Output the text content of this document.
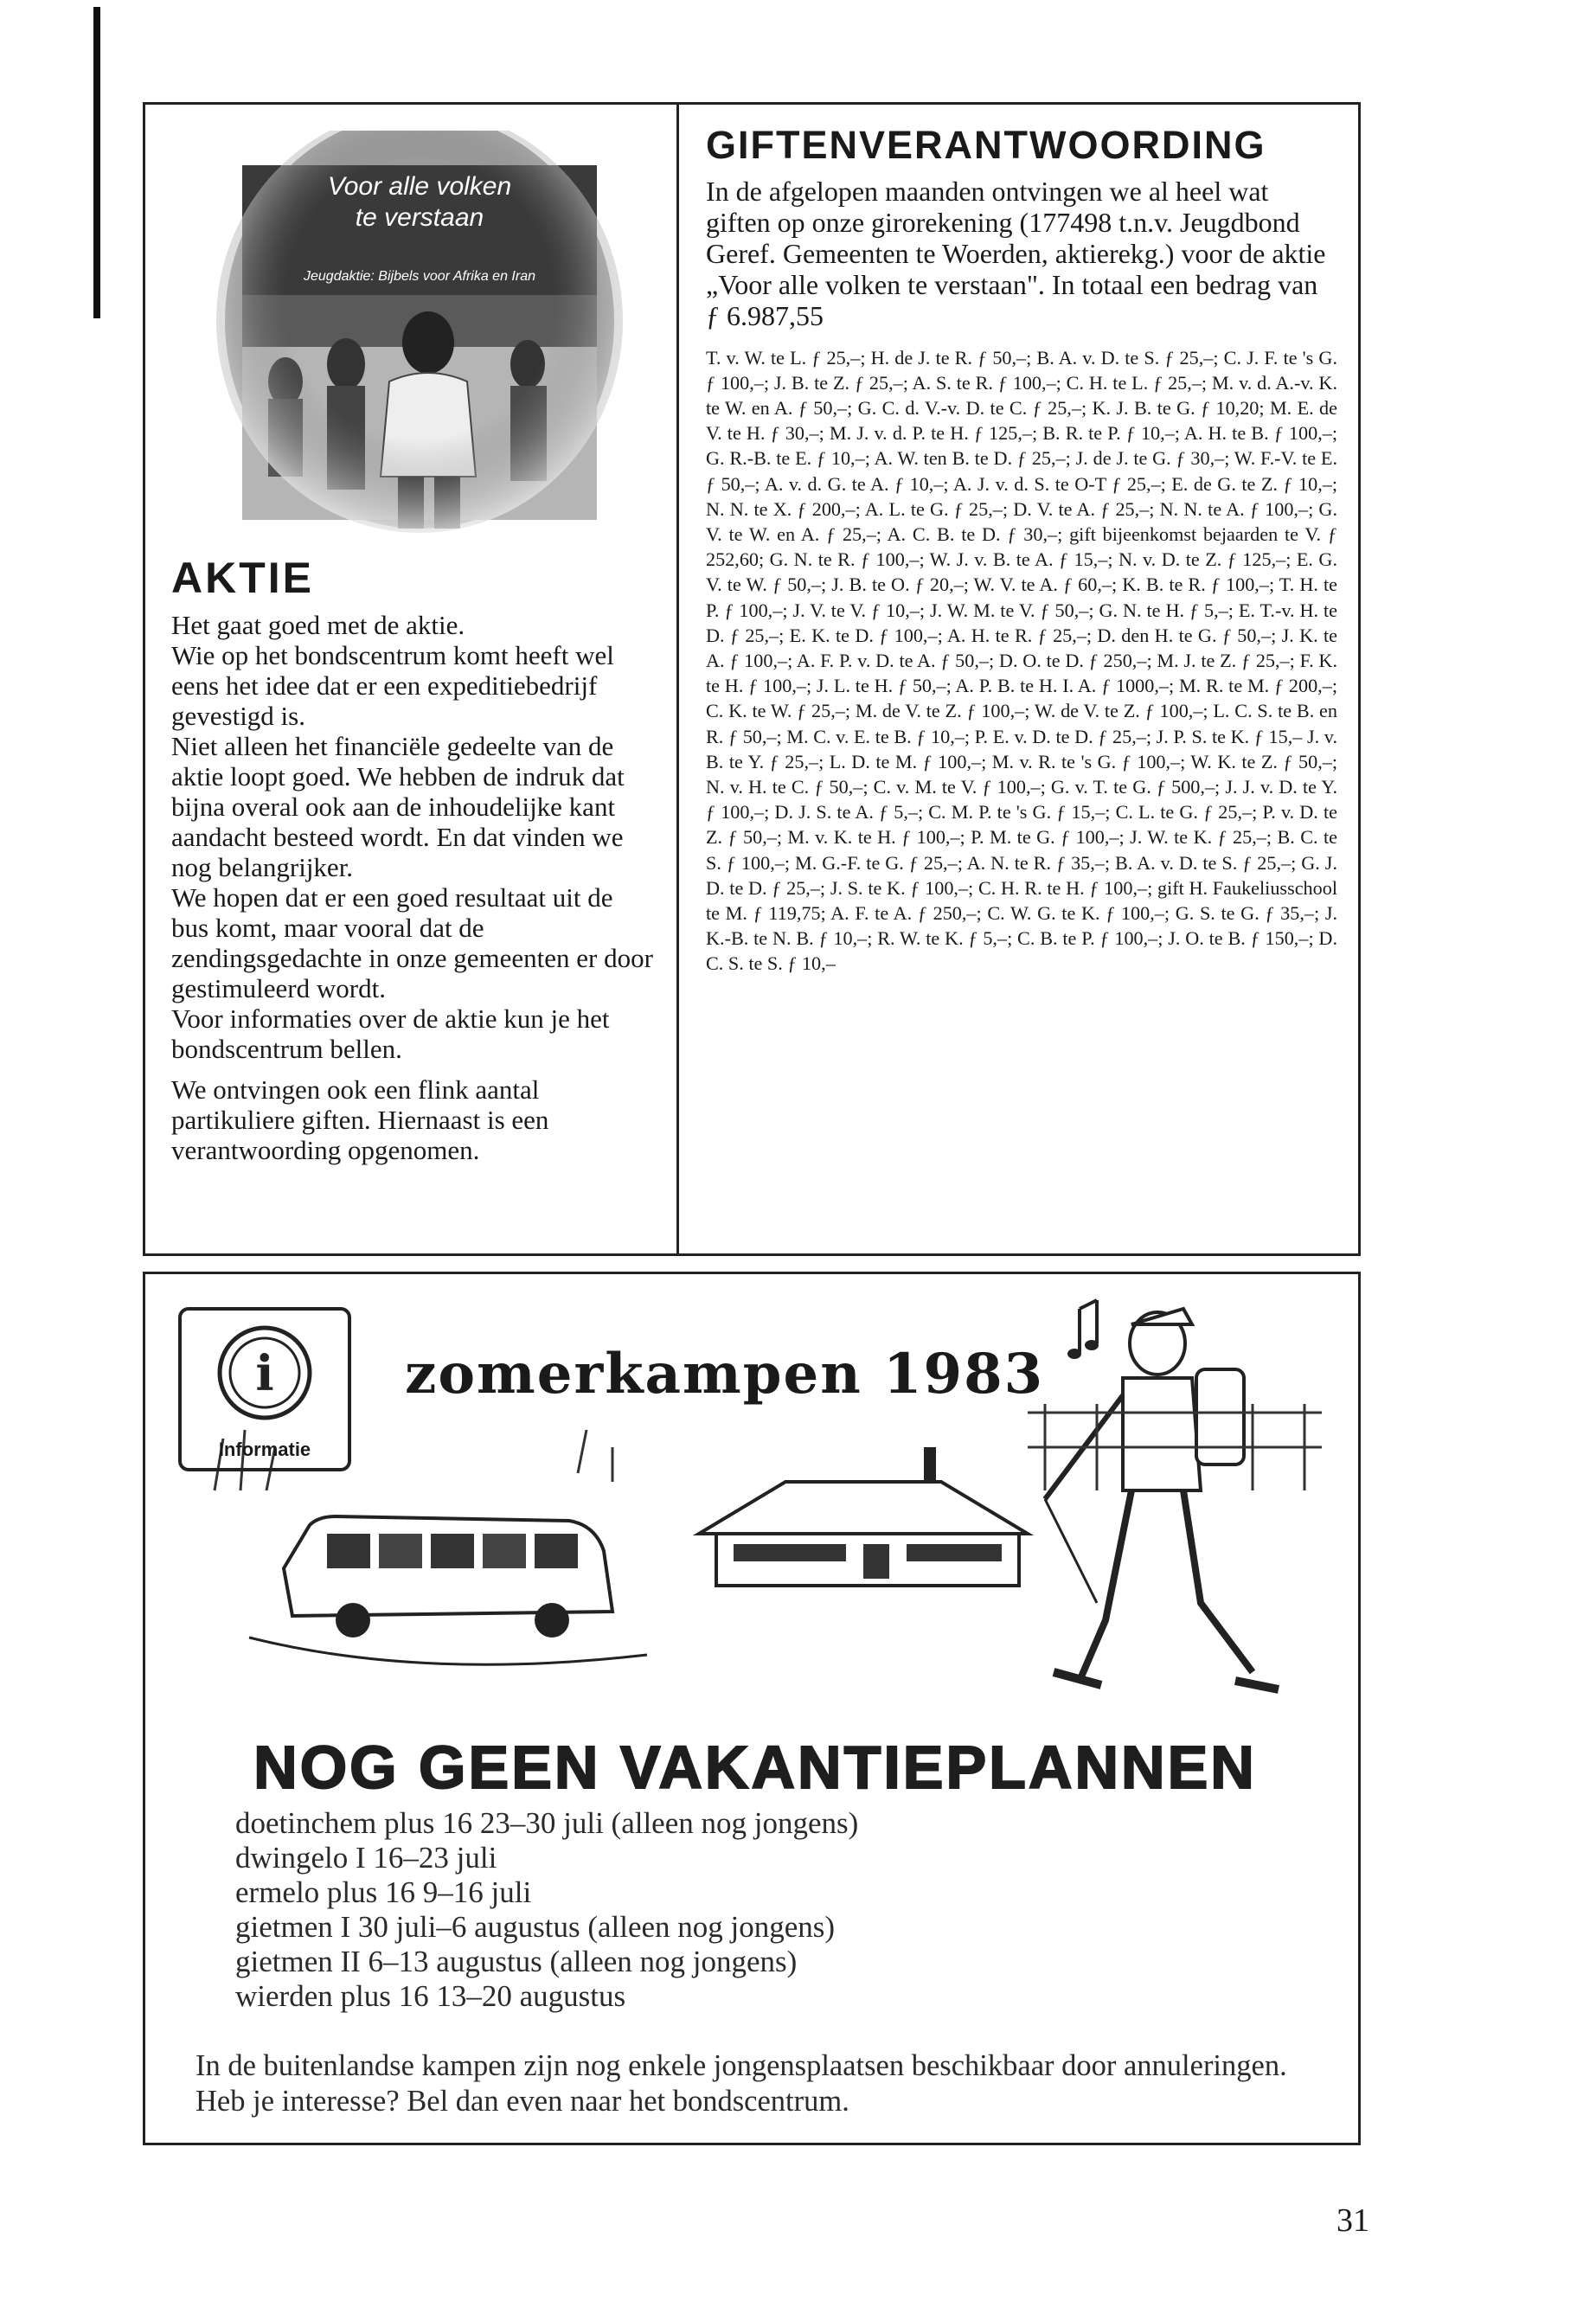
Voor alle volken
te verstaan
Jeugdaktie: Bijbels voor Afrika en Iran
AKTIE

Het gaat goed met de aktie.

Wie op het bondscentrum komt heeft wel eens het idee dat er een expeditiebedrijf gevestigd is.

Niet alleen het financiële gedeelte van de aktie loopt goed. We hebben de indruk dat bijna overal ook aan de inhoudelijke kant aandacht besteed wordt. En dat vinden we nog belangrijker.

We hopen dat er een goed resultaat uit de bus komt, maar vooral dat de zendingsgedachte in onze gemeenten er door gestimuleerd wordt.

Voor informaties over de aktie kun je het bondscentrum bellen.

We ontvingen ook een flink aantal partikuliere giften. Hiernaast is een verantwoording opgenomen.

GIFTENVERANTWOORDING

In de afgelopen maanden ontvingen we al heel wat giften op onze girorekening (177498 t.n.v. Jeugdbond Geref. Gemeenten te Woerden, aktierekg.) voor de aktie „Voor alle volken te verstaan". In totaal een bedrag van ƒ 6.987,55

T. v. W. te L. ƒ 25,–; H. de J. te R. ƒ 50,–; B. A. v. D. te S. ƒ 25,–; C. J. F. te 's G. ƒ 100,–; J. B. te Z. ƒ 25,–; A. S. te R. ƒ 100,–; C. H. te L. ƒ 25,–; M. v. d. A.-v. K. te W. en A. ƒ 50,–; G. C. d. V.-v. D. te C. ƒ 25,–; K. J. B. te G. ƒ 10,20; M. E. de V. te H. ƒ 30,–; M. J. v. d. P. te H. ƒ 125,–; B. R. te P. ƒ 10,–; A. H. te B. ƒ 100,–; G. R.-B. te E. ƒ 10,–; A. W. ten B. te D. ƒ 25,–; J. de J. te G. ƒ 30,–; W. F.-V. te E. ƒ 50,–; A. v. d. G. te A. ƒ 10,–; A. J. v. d. S. te O-T ƒ 25,–; E. de G. te Z. ƒ 10,–; N. N. te X. ƒ 200,–; A. L. te G. ƒ 25,–; D. V. te A. ƒ 25,–; N. N. te A. ƒ 100,–; G. V. te W. en A. ƒ 25,–; A. C. B. te D. ƒ 30,–; gift bijeenkomst bejaarden te V. ƒ 252,60; G. N. te R. ƒ 100,–; W. J. v. B. te A. ƒ 15,–; N. v. D. te Z. ƒ 125,–; E. G. V. te W. ƒ 50,–; J. B. te O. ƒ 20,–; W. V. te A. ƒ 60,–; K. B. te R. ƒ 100,–; T. H. te P. ƒ 100,–; J. V. te V. ƒ 10,–; J. W. M. te V. ƒ 50,–; G. N. te H. ƒ 5,–; E. T.-v. H. te D. ƒ 25,–; E. K. te D. ƒ 100,–; A. H. te R. ƒ 25,–; D. den H. te G. ƒ 50,–; J. K. te A. ƒ 100,–; A. F. P. v. D. te A. ƒ 50,–; D. O. te D. ƒ 250,–; M. J. te Z. ƒ 25,–; F. K. te H. ƒ 100,–; J. L. te H. ƒ 50,–; A. P. B. te H. I. A. ƒ 1000,–; M. R. te M. ƒ 200,–; C. K. te W. ƒ 25,–; M. de V. te Z. ƒ 100,–; W. de V. te Z. ƒ 100,–; L. C. S. te B. en R. ƒ 50,–; M. C. v. E. te B. ƒ 10,–; P. E. v. D. te D. ƒ 25,–; J. P. S. te K. ƒ 15,– J. v. B. te Y. ƒ 25,–; L. D. te M. ƒ 100,–; M. v. R. te 's G. ƒ 100,–; W. K. te Z. ƒ 50,–; N. v. H. te C. ƒ 50,–; C. v. M. te V. ƒ 100,–; G. v. T. te G. ƒ 500,–; J. J. v. D. te Y. ƒ 100,–; D. J. S. te A. ƒ 5,–; C. M. P. te 's G. ƒ 15,–; C. L. te G. ƒ 25,–; P. v. D. te Z. ƒ 50,–; M. v. K. te H. ƒ 100,–; P. M. te G. ƒ 100,–; J. W. te K. ƒ 25,–; B. C. te S. ƒ 100,–; M. G.-F. te G. ƒ 25,–; A. N. te R. ƒ 35,–; B. A. v. D. te S. ƒ 25,–; G. J. D. te D. ƒ 25,–; J. S. te K. ƒ 100,–; C. H. R. te H. ƒ 100,–; gift H. Faukeliusschool te M. ƒ 119,75; A. F. te A. ƒ 250,–; C. W. G. te K. ƒ 100,–; G. S. te G. ƒ 35,–; J. K.-B. te N. B. ƒ 10,–; R. W. te K. ƒ 5,–; C. B. te P. ƒ 100,–; J. O. te B. ƒ 150,–; D. C. S. te S. ƒ 10,–

i
Informatie
zomerkampen 1983
NOG GEEN VAKANTIEPLANNEN
doetinchem plus 16 23–30 juli (alleen nog jongens)
dwingelo I 16–23 juli
ermelo plus 16 9–16 juli
gietmen I 30 juli–6 augustus (alleen nog jongens)
gietmen II 6–13 augustus (alleen nog jongens)
wierden plus 16 13–20 augustus

In de buitenlandse kampen zijn nog enkele jongensplaatsen beschikbaar door annuleringen. Heb je interesse? Bel dan even naar het bondscentrum.

31
